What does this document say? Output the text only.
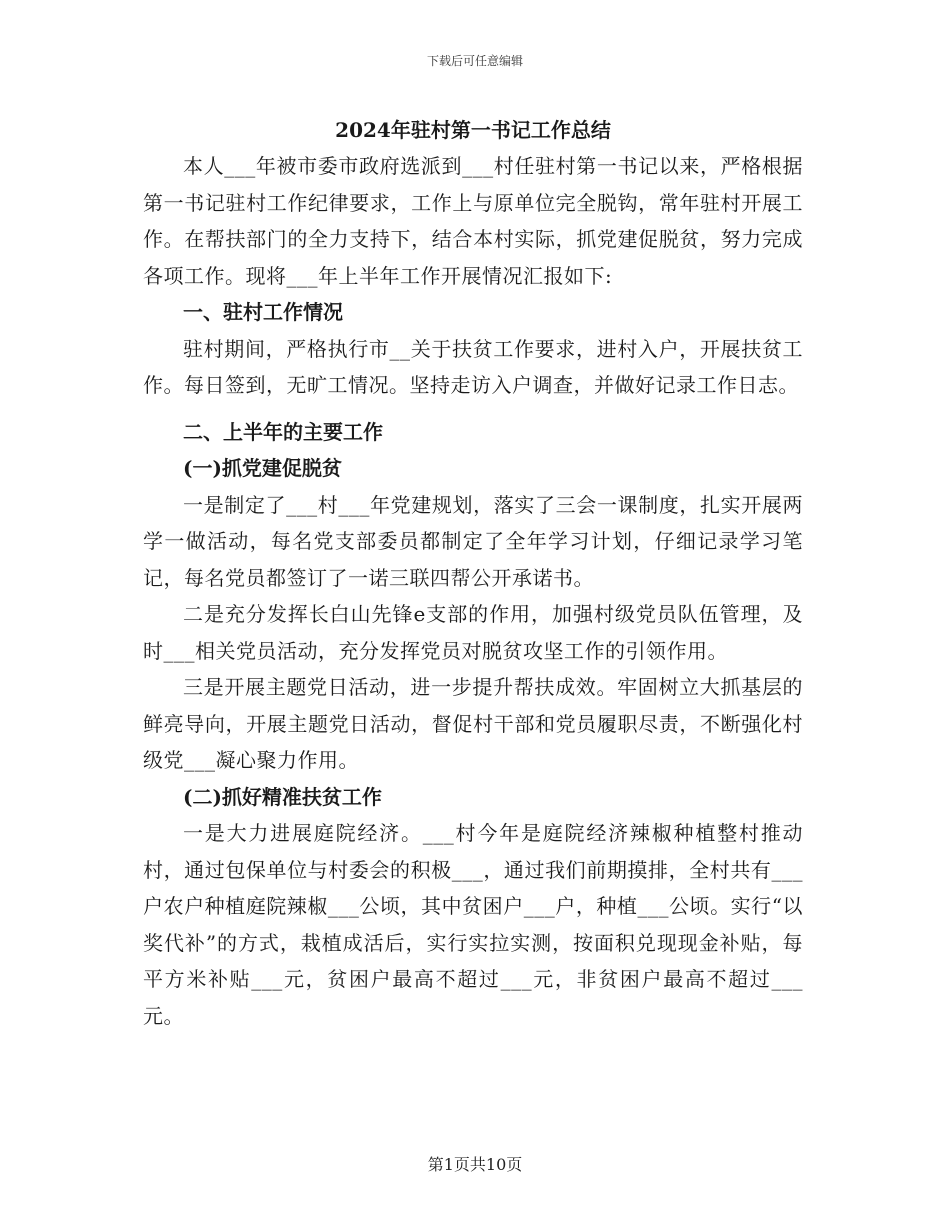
下载后可任意编辑
2024年驻村第一书记工作总结

本人___年被市委市政府选派到___村任驻村第一书记以来，严格根据第一书记驻村工作纪律要求，工作上与原单位完全脱钩，常年驻村开展工作。在帮扶部门的全力支持下，结合本村实际，抓党建促脱贫，努力完成各项工作。现将___年上半年工作开展情况汇报如下:

一、驻村工作情况

驻村期间，严格执行市__关于扶贫工作要求，进村入户，开展扶贫工作。每日签到，无旷工情况。坚持走访入户调查，并做好记录工作日志。

二、上半年的主要工作

(一)抓党建促脱贫

一是制定了___村___年党建规划，落实了三会一课制度，扎实开展两学一做活动，每名党支部委员都制定了全年学习计划，仔细记录学习笔记，每名党员都签订了一诺三联四帮公开承诺书。

二是充分发挥长白山先锋e支部的作用，加强村级党员队伍管理，及时___相关党员活动，充分发挥党员对脱贫攻坚工作的引领作用。

三是开展主题党日活动，进一步提升帮扶成效。牢固树立大抓基层的鲜亮导向，开展主题党日活动，督促村干部和党员履职尽责，不断强化村级党___凝心聚力作用。

(二)抓好精准扶贫工作

一是大力进展庭院经济。___村今年是庭院经济辣椒种植整村推动村，通过包保单位与村委会的积极___，通过我们前期摸排，全村共有___户农户种植庭院辣椒___公顷，其中贫困户___户，种植___公顷。实行“以奖代补”的方式，栽植成活后，实行实拉实测，按面积兑现现金补贴，每平方米补贴___元，贫困户最高不超过___元，非贫困户最高不超过___元。

第1页共10页
